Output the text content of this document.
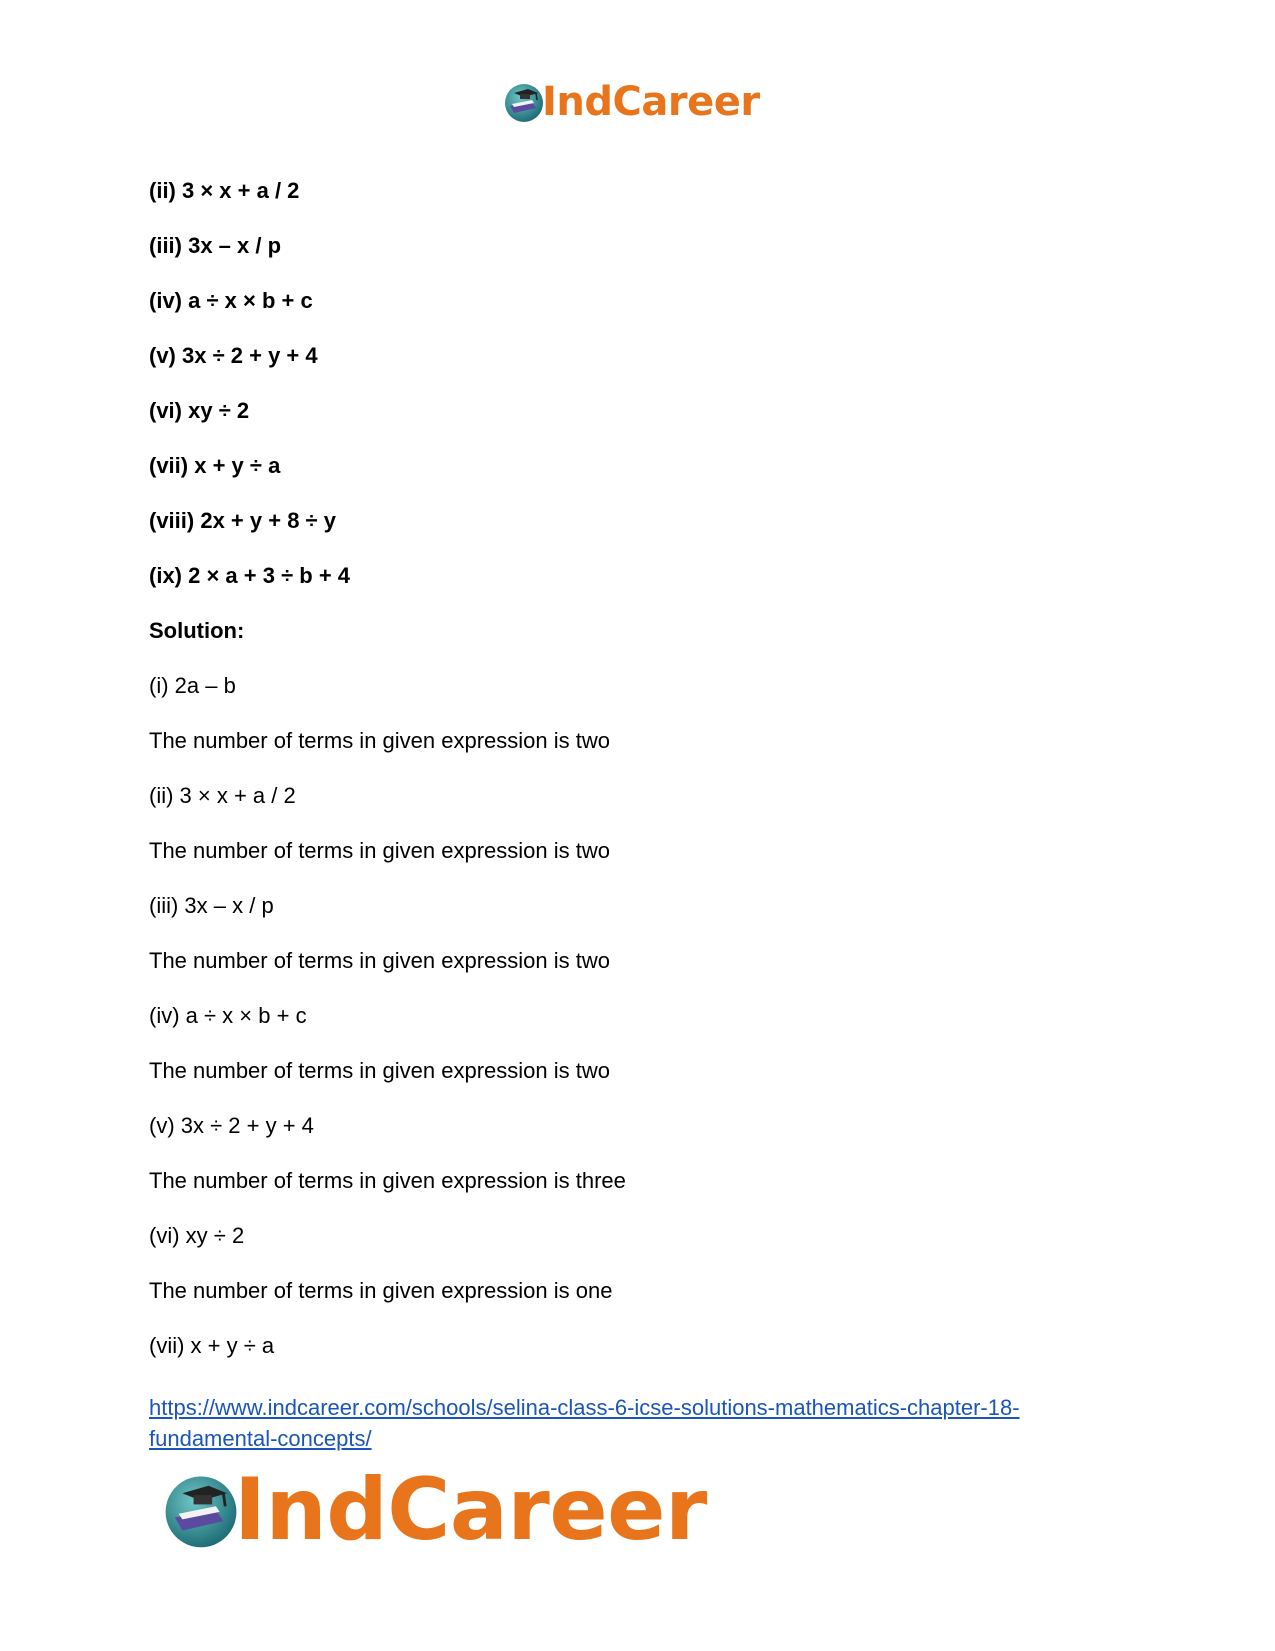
IndCareer
(ii) 3 × x + a / 2
(iii) 3x – x / p
(iv) a ÷ x × b + c
(v) 3x ÷ 2 + y + 4
(vi) xy ÷ 2
(vii) x + y ÷ a
(viii) 2x + y + 8 ÷ y
(ix) 2 × a + 3 ÷ b + 4
Solution:
(i) 2a – b
The number of terms in given expression is two
(ii) 3 × x + a / 2
The number of terms in given expression is two
(iii) 3x – x / p
The number of terms in given expression is two
(iv) a ÷ x × b + c
The number of terms in given expression is two
(v) 3x ÷ 2 + y + 4
The number of terms in given expression is three
(vi) xy ÷ 2
The number of terms in given expression is one
(vii) x + y ÷ a
https://www.indcareer.com/schools/selina-class-6-icse-solutions-mathematics-chapter-18-fundamental-concepts/
IndCareer
